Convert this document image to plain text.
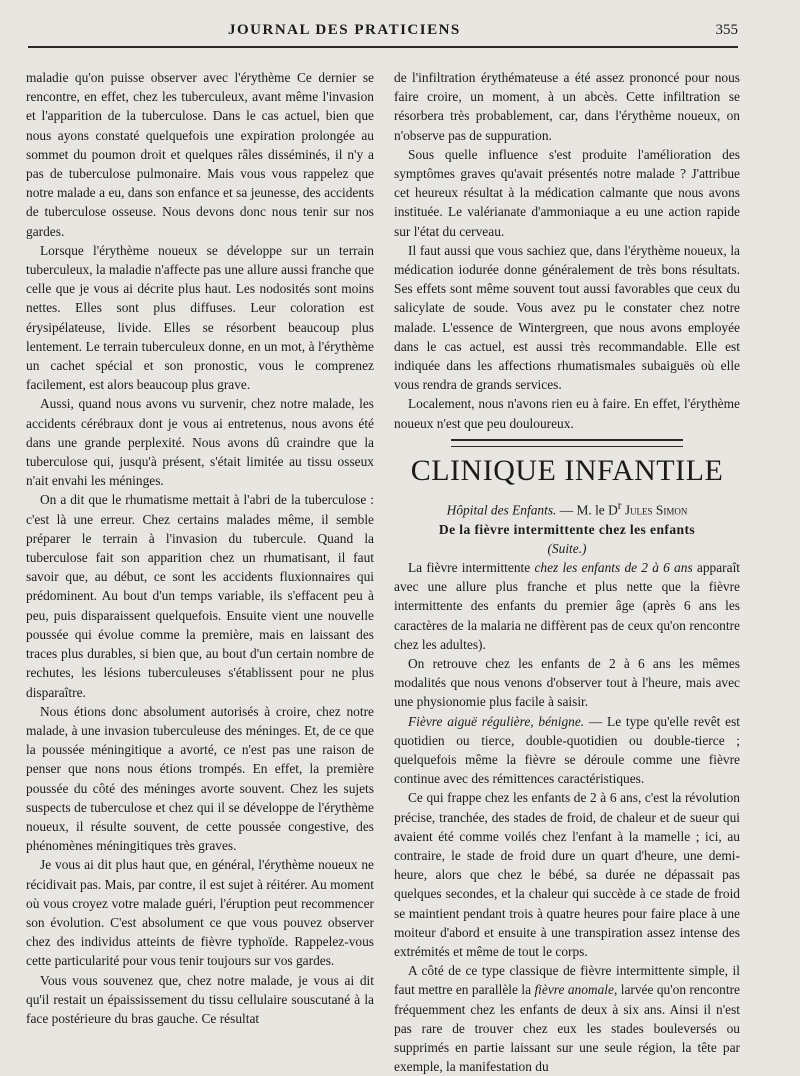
JOURNAL DES PRATICIENS	355

maladie qu'on puisse observer avec l'érythème Ce dernier se rencontre, en effet, chez les tuberculeux, avant même l'invasion et l'apparition de la tuberculose. Dans le cas actuel, bien que nous ayons constaté quelquefois une expiration prolongée au sommet du poumon droit et quelques râles disséminés, il n'y a pas de tuberculose pulmonaire. Mais vous vous rappelez que notre malade a eu, dans son enfance et sa jeunesse, des accidents de tuberculose osseuse. Nous devons donc nous tenir sur nos gardes.

Lorsque l'érythème noueux se développe sur un terrain tuberculeux, la maladie n'affecte pas une allure aussi franche que celle que je vous ai décrite plus haut. Les nodosités sont moins nettes. Elles sont plus diffuses. Leur coloration est érysipélateuse, livide. Elles se résorbent beaucoup plus lentement. Le terrain tuberculeux donne, en un mot, à l'érythème un cachet spécial et son pronostic, vous le comprenez facilement, est alors beaucoup plus grave.

Aussi, quand nous avons vu survenir, chez notre malade, les accidents cérébraux dont je vous ai entretenus, nous avons été dans une grande perplexité. Nous avons dû craindre que la tuberculose qui, jusqu'à présent, s'était limitée au tissu osseux n'ait envahi les méninges.

On a dit que le rhumatisme mettait à l'abri de la tuberculose : c'est là une erreur. Chez certains malades même, il semble préparer le terrain à l'invasion du tubercule. Quand la tuberculose fait son apparition chez un rhumatisant, il faut savoir que, au début, ce sont les accidents fluxionnaires qui prédominent. Au bout d'un temps variable, ils s'effacent peu à peu, puis disparaissent quelquefois. Ensuite vient une nouvelle poussée qui évolue comme la première, mais en laissant des traces plus durables, si bien que, au bout d'un certain nombre de rechutes, les lésions tuberculeuses s'établissent pour ne plus disparaître.

Nous étions donc absolument autorisés à croire, chez notre malade, à une invasion tuberculeuse des méninges. Et, de ce que la poussée méningitique a avorté, ce n'est pas une raison de penser que nons nous étions trompés. En effet, la première poussée du côté des méninges avorte souvent. Chez les sujets suspects de tuberculose et chez qui il se développe de l'érythème noueux, il résulte souvent, de cette poussée congestive, des phénomènes méningitiques très graves.

Je vous ai dit plus haut que, en général, l'érythème noueux ne récidivait pas. Mais, par contre, il est sujet à réitérer. Au moment où vous croyez votre malade guéri, l'éruption peut recommencer son évolution. C'est absolument ce que vous pouvez observer chez des individus atteints de fièvre typhoïde. Rappelez-vous cette particularité pour vous tenir toujours sur vos gardes.

Vous vous souvenez que, chez notre malade, je vous ai dit qu'il restait un épaississement du tissu cellulaire souscutané à la face postérieure du bras gauche. Ce résultat

de l'infiltration érythémateuse a été assez prononcé pour nous faire croire, un moment, à un abcès. Cette infiltration se résorbera très probablement, car, dans l'érythème noueux, on n'observe pas de suppuration.

Sous quelle influence s'est produite l'amélioration des symptômes graves qu'avait présentés notre malade ? J'attribue cet heureux résultat à la médication calmante que nous avons instituée. Le valérianate d'ammoniaque a eu une action rapide sur l'état du cerveau.

Il faut aussi que vous sachiez que, dans l'érythème noueux, la médication iodurée donne généralement de très bons résultats. Ses effets sont même souvent tout aussi favorables que ceux du salicylate de soude. Vous avez pu le constater chez notre malade. L'essence de Wintergreen, que nous avons employée dans le cas actuel, est aussi très recommandable. Elle est indiquée dans les affections rhumatismales subaiguës où elle vous rendra de grands services.

Localement, nous n'avons rien eu à faire. En effet, l'érythème noueux n'est que peu douloureux.

CLINIQUE INFANTILE
Hôpital des Enfants. — M. le $D^r$ Jules Simon
De la fièvre intermittente chez les enfants
(Suite.)

La fièvre intermittente chez les enfants de 2 à 6 ans apparaît avec une allure plus franche et plus nette que la fièvre intermittente des enfants du premier âge (après 6 ans les caractères de la malaria ne diffèrent pas de ceux qu'on rencontre chez les adultes).

On retrouve chez les enfants de 2 à 6 ans les mêmes modalités que nous venons d'observer tout à l'heure, mais avec une physionomie plus facile à saisir.

Fièvre aiguë régulière, bénigne. — Le type qu'elle revêt est quotidien ou tierce, double-quotidien ou double-tierce ; quelquefois même la fièvre se déroule comme une fièvre continue avec des rémittences caractéristiques.

Ce qui frappe chez les enfants de 2 à 6 ans, c'est la révolution précise, tranchée, des stades de froid, de chaleur et de sueur qui avaient été comme voilés chez l'enfant à la mamelle ; ici, au contraire, le stade de froid dure un quart d'heure, une demi-heure, alors que chez le bébé, sa durée ne dépassait pas quelques secondes, et la chaleur qui succède à ce stade de froid se maintient pendant trois à quatre heures pour faire place à une moiteur d'abord et ensuite à une transpiration assez intense des extrémités et même de tout le corps.

A côté de ce type classique de fièvre intermittente simple, il faut mettre en parallèle la fièvre anomale, larvée qu'on rencontre fréquemment chez les enfants de deux à six ans. Ainsi il n'est pas rare de trouver chez eux les stades bouleversés ou supprimés en partie laissant sur une seule région, la tête par exemple, la manifestation du
